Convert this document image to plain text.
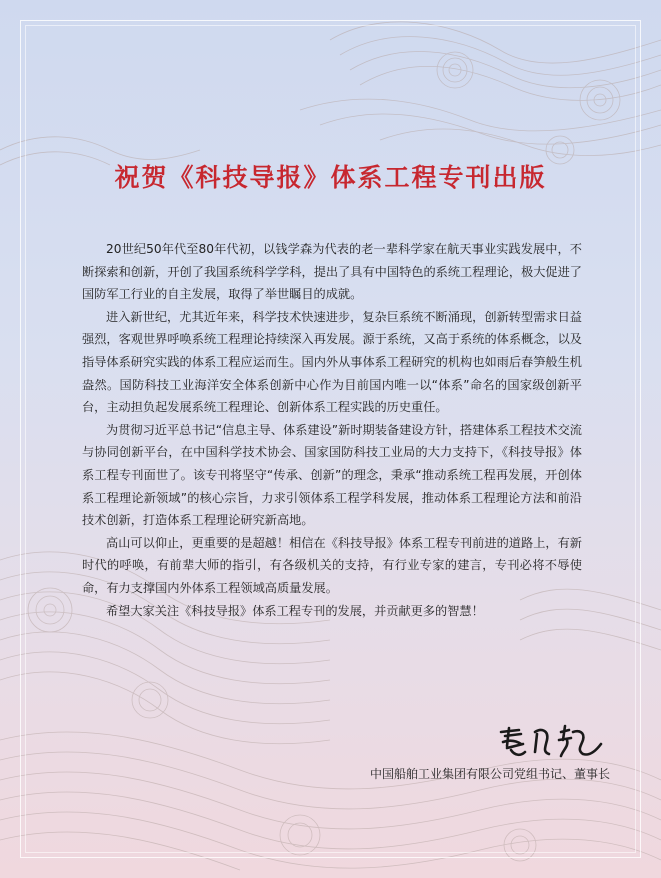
祝贺《科技导报》体系工程专刊出版

20世纪50年代至80年代初，以钱学森为代表的老一辈科学家在航天事业实践发展中，不断探索和创新，开创了我国系统科学学科，提出了具有中国特色的系统工程理论，极大促进了国防军工行业的自主发展，取得了举世瞩目的成就。

进入新世纪，尤其近年来，科学技术快速进步，复杂巨系统不断涌现，创新转型需求日益强烈，客观世界呼唤系统工程理论持续深入再发展。源于系统，又高于系统的体系概念，以及指导体系研究实践的体系工程应运而生。国内外从事体系工程研究的机构也如雨后春笋般生机盎然。国防科技工业海洋安全体系创新中心作为目前国内唯一以“体系”命名的国家级创新平台，主动担负起发展系统工程理论、创新体系工程实践的历史重任。

为贯彻习近平总书记“信息主导、体系建设”新时期装备建设方针，搭建体系工程技术交流与协同创新平台，在中国科学技术协会、国家国防科技工业局的大力支持下，《科技导报》体系工程专刊面世了。该专刊将坚守“传承、创新”的理念，秉承“推动系统工程再发展，开创体系工程理论新领域”的核心宗旨，力求引领体系工程学科发展，推动体系工程理论方法和前沿技术创新，打造体系工程理论研究新高地。

高山可以仰止，更重要的是超越！相信在《科技导报》体系工程专刊前进的道路上，有新时代的呼唤，有前辈大师的指引，有各级机关的支持，有行业专家的建言，专刊必将不辱使命，有力支撑国内外体系工程领域高质量发展。

希望大家关注《科技导报》体系工程专刊的发展，并贡献更多的智慧！

中国船舶工业集团有限公司党组书记、董事长
